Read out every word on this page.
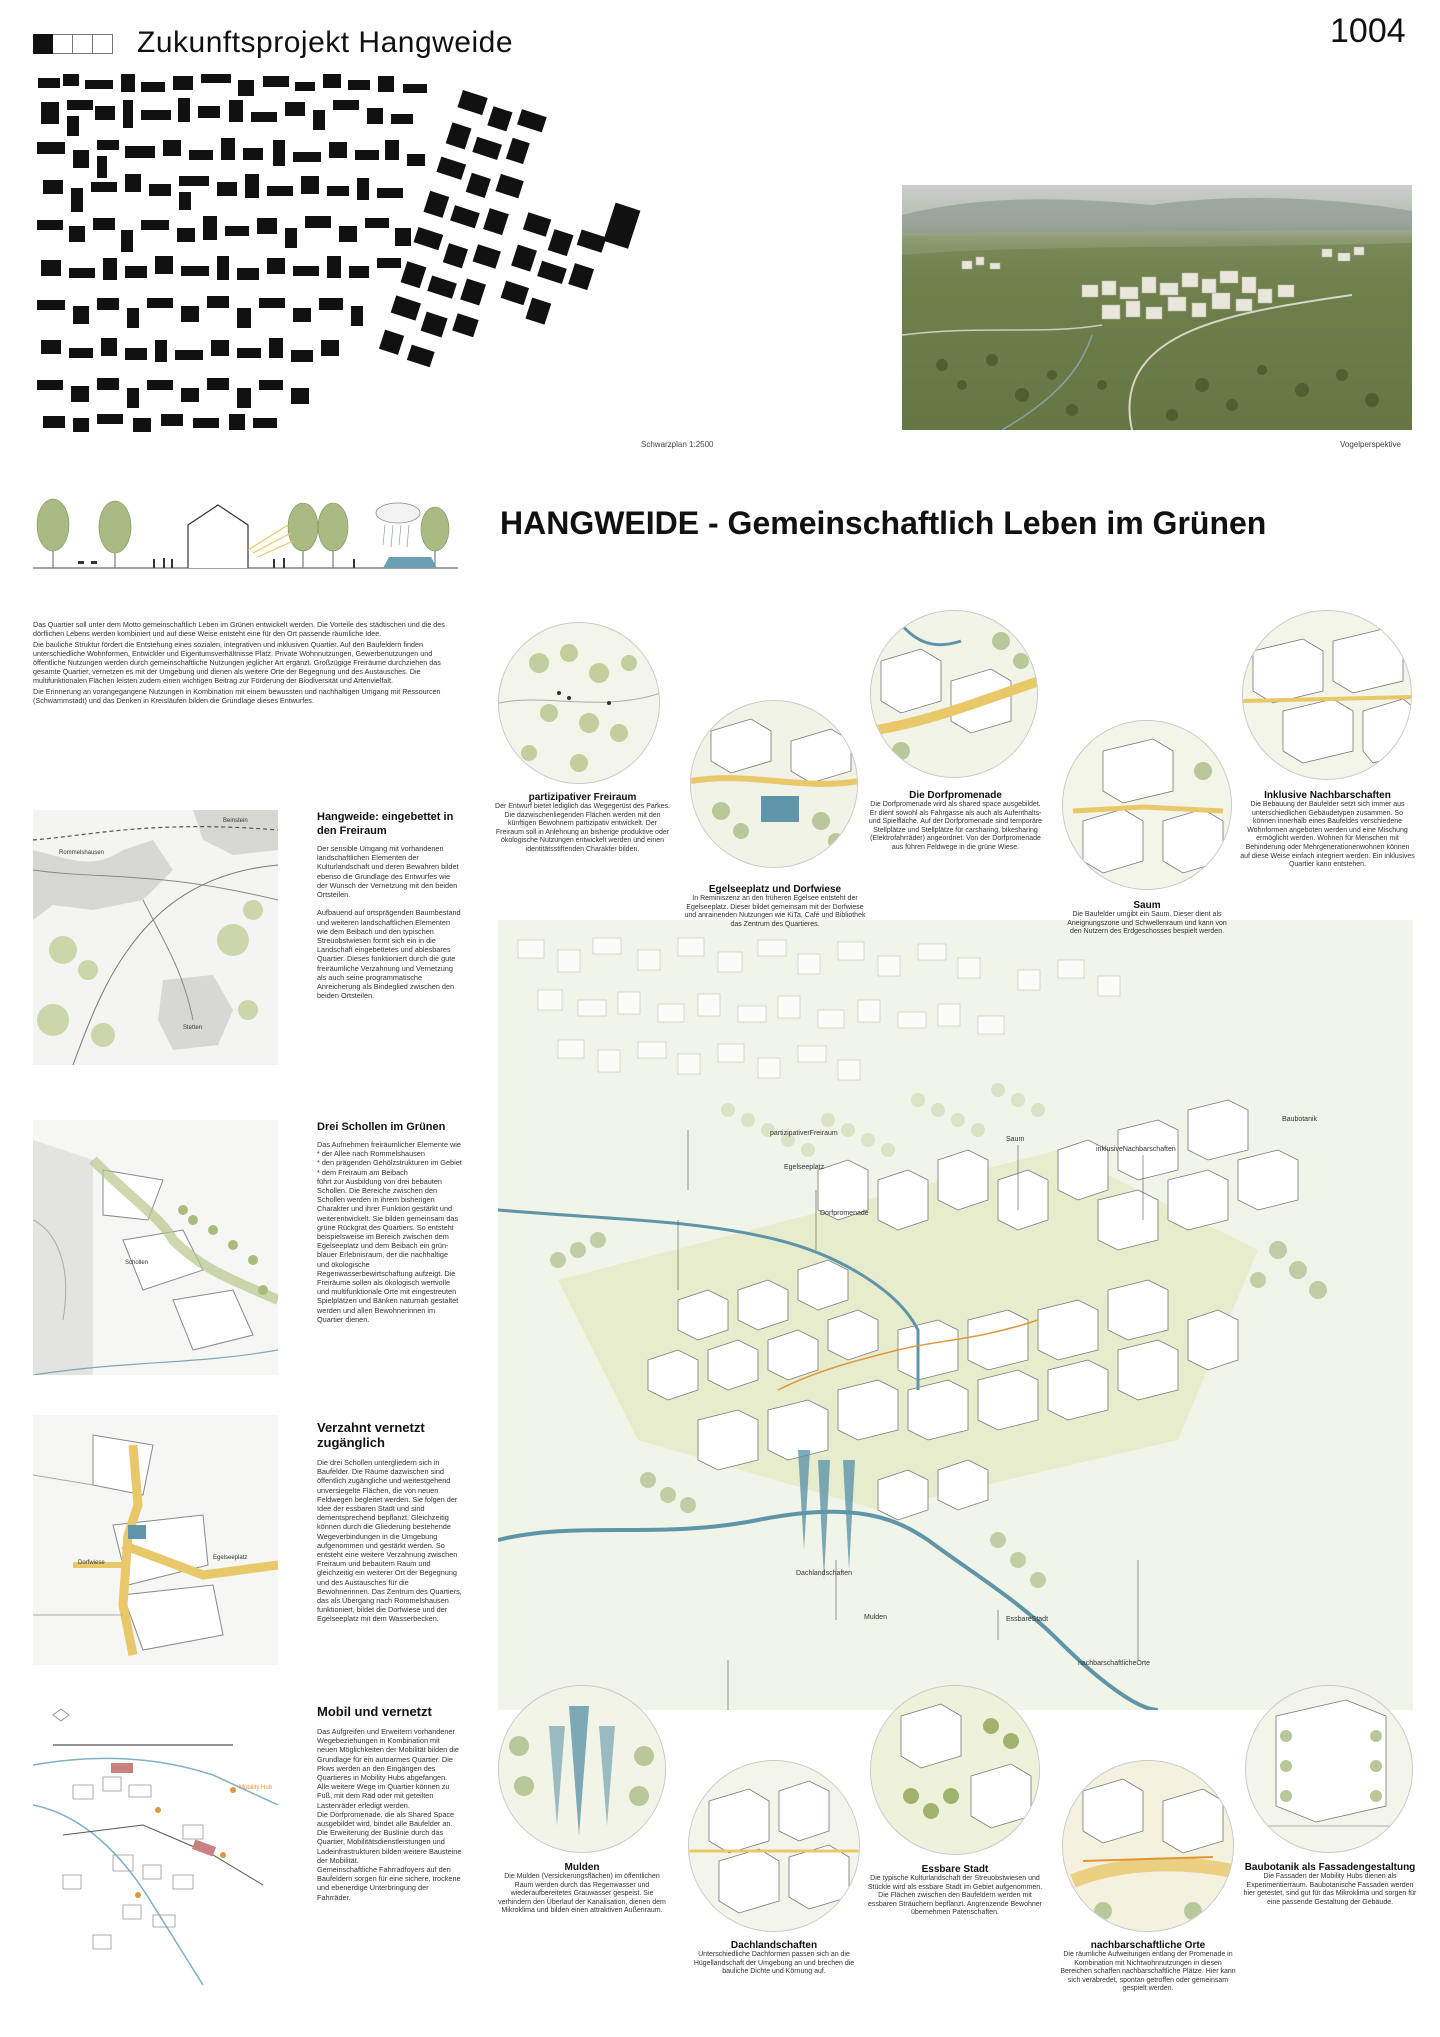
Zukunftsprojekt Hangweide	1004
Schwarzplan 1:2500	Vogelperspektive
HANGWEIDE - Gemeinschaftlich Leben im Grünen

Das Quartier soll unter dem Motto gemeinschaftlich Leben im Grünen entwickelt werden. Die Vorteile des städtischen und die des dörflichen Lebens werden kombiniert und auf diese Weise entsteht eine für den Ort passende räumliche Idee.

Die bauliche Struktur fördert die Entstehung eines sozialen, integrativen und inklusiven Quartier. Auf den Baufeldern finden unterschiedliche Wohnformen, Entwickler und Eigentumsverhältnisse Platz. Private Wohnnutzungen, Gewerbenutzungen und öffentliche Nutzungen werden durch gemeinschaftliche Nutzungen jeglicher Art ergänzt. Großzügige Freiräume durchziehen das gesamte Quartier, vernetzen es mit der Umgebung und dienen als weitere Orte der Begegnung und des Austausches. Die multifunktionalen Flächen leisten zudem einen wichtigen Beitrag zur Förderung der Biodiversität und Artenvielfalt.

Die Erinnerung an vorangegangene Nutzungen in Kombination mit einem bewussten und nachhaltigen Umgang mit Ressourcen (Schwammstadt) und das Denken in Kreisläufen bilden die Grundlage dieses Entwurfes.

Rommelshausen
Beinstein
Stetten
Hangweide: eingebettet in den Freiraum
Der sensible Umgang mit vorhandenen landschaftlichen Elementen der Kulturlandschaft und deren Bewahren bildet ebenso die Grundlage des Entwurfes wie der Wunsch der Vernetzung mit den beiden Ortsteilen.

Aufbauend auf ortsprägenden Baumbestand und weiteren landschaftlichen Elementen wie dem Beibach und den typischen Streuobstwiesen formt sich ein in die Landschaft eingebettetes und ablesbares Quartier. Dieses funktioniert durch die gute freiräumliche Verzahnung und Vernetzung als auch seine programmatische Anreicherung als Bindeglied zwischen den beiden Ortsteilen.
Schollen
Drei Schollen im Grünen
Das Aufnehmen freiräumlicher Elemente wie
* der Allee nach Rommelshausen
* den prägenden Gehölzstrukturen im Gebiet
* dem Freiraum am Beibach
führt zur Ausbildung von drei bebauten Schollen. Die Bereiche zwischen den Schollen werden in ihrem bisherigen Charakter und ihrer Funktion gestärkt und weiterentwickelt. Sie bilden gemeinsam das grüne Rückgrat des Quartiers. So entsteht beispielsweise im Bereich zwischen dem Egelseeplatz und dem Beibach ein grün- blauer Erlebnisraum, der die nachhaltige und ökologische Regenwasserbewirtschaftung aufzeigt. Die Freiräume sollen als ökologisch wertvolle und multifunktionale Orte mit eingestreuten Spielplätzen und Bänken naturnah gestaltet werden und allen Bewohnerinnen im Quartier dienen.
Dorfwiese
Egelseeplatz
Verzahnt vernetzt zugänglich
Die drei Schollen untergliedern sich in Baufelder. Die Räume dazwischen sind öffentlich zugängliche und weitestgehend unversiegelte Flächen, die von neuen Feldwegen begleitet werden. Sie folgen der Idee der essbaren Stadt und sind dementsprechend bepflanzt. Gleichzeitig können durch die Gliederung bestehende Wegeverbindungen in die Umgebung aufgenommen und gestärkt werden. So entsteht eine weitere Verzahnung zwischen Freiraum und bebautem Raum und gleichzeitig ein weiterer Ort der Begegnung und des Austausches für die Bewohnerinnen. Das Zentrum des Quartiers, das als Übergang nach Rommelshausen funktioniert, bildet die Dorfwiese und der Egelseeplatz mit dem Wasserbecken.
Mobility Hub
Mobil und vernetzt
Das Aufgreifen und Erweitern vorhandener Wegebeziehungen in Kombination mit neuen Möglichkeiten der Mobilität bilden die Grundlage für ein autoarmes Quartier. Die Pkws werden an den Eingängen des Quartieres in Mobility Hubs abgefangen.
Alle weitere Wege im Quartier können zu Fuß, mit dem Rad oder mit geteilten Lastenräder erledigt werden.
Die Dorfpromenade, die als Shared Space ausgebildet wird, bindet alle Baufelder an.
Die Erweiterung der Buslinie durch das Quartier, Mobilitätsdienstleistungen und Ladeinfrastrukturen bilden weitere Bausteine der Mobilität.
Gemeinschaftliche Fahrradfoyers auf den Baufeldern sorgen für eine sichere, trockene und ebenerdige Unterbringung der Fahrräder.
partizipativerFreiraum
Egelseeplatz
Saum
inklusiveNachbarschaften
Baubotanik
Dorfpromenade
Dachlandschaften
Mulden	EssbareStadt
nachbarschaftlicheOrte
partizipativer Freiraum
Der Entwurf bietet lediglich das Wegegerüst des Parkes. Die dazwischenliegenden Flächen werden mit den künftigen Bewohnern partizipativ entwickelt. Der Freiraum soll in Anlehnung an bisherige produktive oder ökologische Nutzungen entwickelt werden und einen identitätsstiftenden Charakter bilden.
Egelseeplatz und Dorfwiese
In Reminiszenz an den früheren Egelsee entsteht der Egelseeplatz. Dieser bildet gemeinsam mit der Dorfwiese und anrainenden Nutzungen wie KiTa, Café und Bibliothek das Zentrum des Quartieres.
Die Dorfpromenade
Die Dorfpromenade wird als shared space ausgebildet. Er dient sowohl als Fahrgasse als auch als Aufenthalts- und Spielfläche. Auf der Dorfpromenade sind temporäre Stellplätze und Stellplätze für carsharing, bikesharing (Elektrofahrräder) angeordnet. Von der Dorfpromenade aus führen Feldwege in die grüne Wiese.
Saum
Die Baufelder umgibt ein Saum. Dieser dient als Aneignungszone und Schwellenraum und kann von den Nutzern des Erdgeschosses bespielt werden.
Inklusive Nachbarschaften
Die Bebauung der Baufelder setzt sich immer aus unterschiedlichen Gebäudetypen zusammen. So können innerhalb eines Baufeldes verschiedene Wohnformen angeboten werden und eine Mischung ermöglicht werden. Wohnen für Menschen mit Behinderung oder Mehrgenerationenwohnen können auf diese Weise einfach integriert werden. Ein inklusives Quartier kann entstehen.
Mulden
Die Mulden (Versickerungsflächen) im öffentlichen Raum werden durch das Regenwasser und wiederaufbereitetes Grauwasser gespeist. Sie verhindern den Überlauf der Kanalisation, dienen dem Mikroklima und bilden einen attraktiven Außenraum.
Dachlandschaften
Unterschiedliche Dachformen passen sich an die Hügellandschaft der Umgebung an und brechen die bauliche Dichte und Körnung auf.
Essbare Stadt
Die typische Kulturlandschaft der Streuobstwiesen und Stückle wird als essbare Stadt im Gebiet aufgenommen. Die Flächen zwischen den Baufeldern werden mit essbaren Sträuchern bepflanzt. Angrenzende Bewohner übernehmen Patenschaften.
nachbarschaftliche Orte
Die räumliche Aufweitungen entlang der Promenade in Kombination mit Nichtwohnnutzungen in diesen Bereichen schaffen nachbarschaftliche Plätze. Hier kann sich verabredet, spontan getroffen oder gemeinsam gespielt werden.
Baubotanik als Fassadengestaltung
Die Fassaden der Mobility Hubs dienen als Experimentierraum. Baubotanische Fassaden werden hier getestet, sind gut für das Mikroklima und sorgen für eine passende Gestaltung der Gebäude.
